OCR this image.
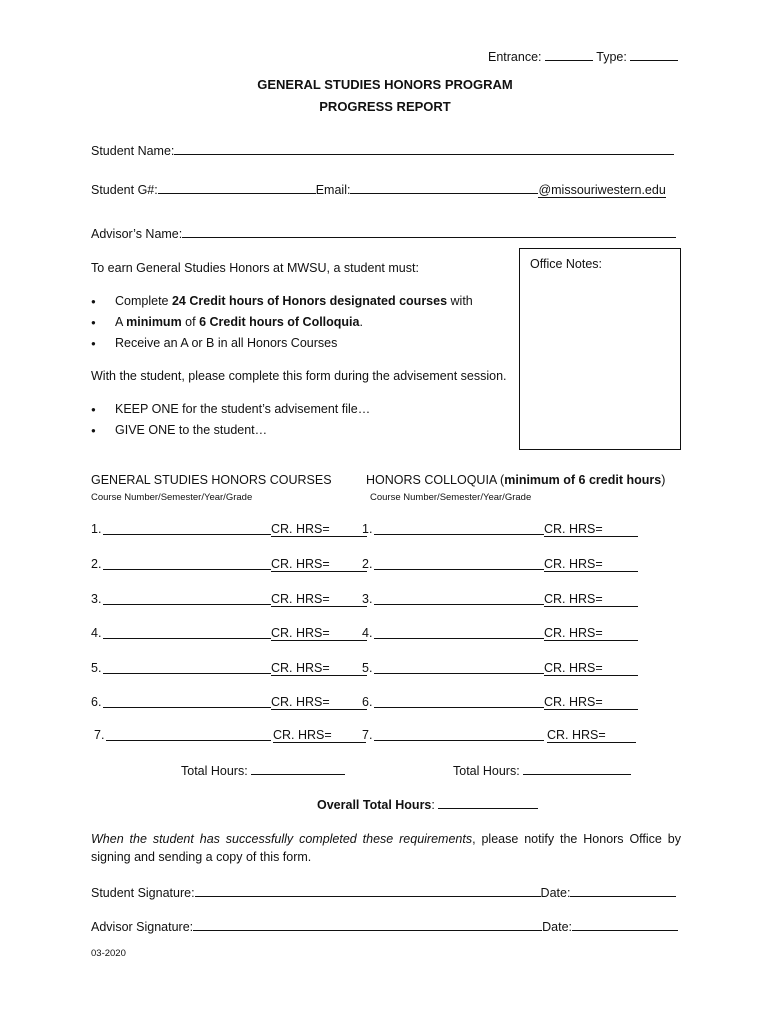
Entrance:	Type:
GENERAL STUDIES HONORS PROGRAM
PROGRESS REPORT
Student Name:
Student G#:	Email:	@missouriwestern.edu
Advisor’s Name:
Office Notes:
To earn General Studies Honors at MWSU, a student must:
● Complete 24 Credit hours of Honors designated courses with
● A minimum of 6 Credit hours of Colloquia.
● Receive an A or B in all Honors Courses
With the student, please complete this form during the advisement session.
● KEEP ONE for the student’s advisement file…
● GIVE ONE to the student…
GENERAL STUDIES HONORS COURSES
Course Number/Semester/Year/Grade
HONORS COLLOQUIA (minimum of 6 credit hours)
Course Number/Semester/Year/Grade
1.	CR. HRS=	1.	CR. HRS=
2.	CR. HRS=	2.	CR. HRS=
3.	CR. HRS=	3.	CR. HRS=
4.	CR. HRS=	4.	CR. HRS=
5.	CR. HRS=	5.	CR. HRS=
6.	CR. HRS=	6.	CR. HRS=
7.	CR. HRS=	7.	CR. HRS=
Total Hours:	Total Hours:
Overall Total Hours:
When the student has successfully completed these requirements, please notify the Honors Office by signing and sending a copy of this form.
Student Signature:	Date:
Advisor Signature:	Date:
03-2020
